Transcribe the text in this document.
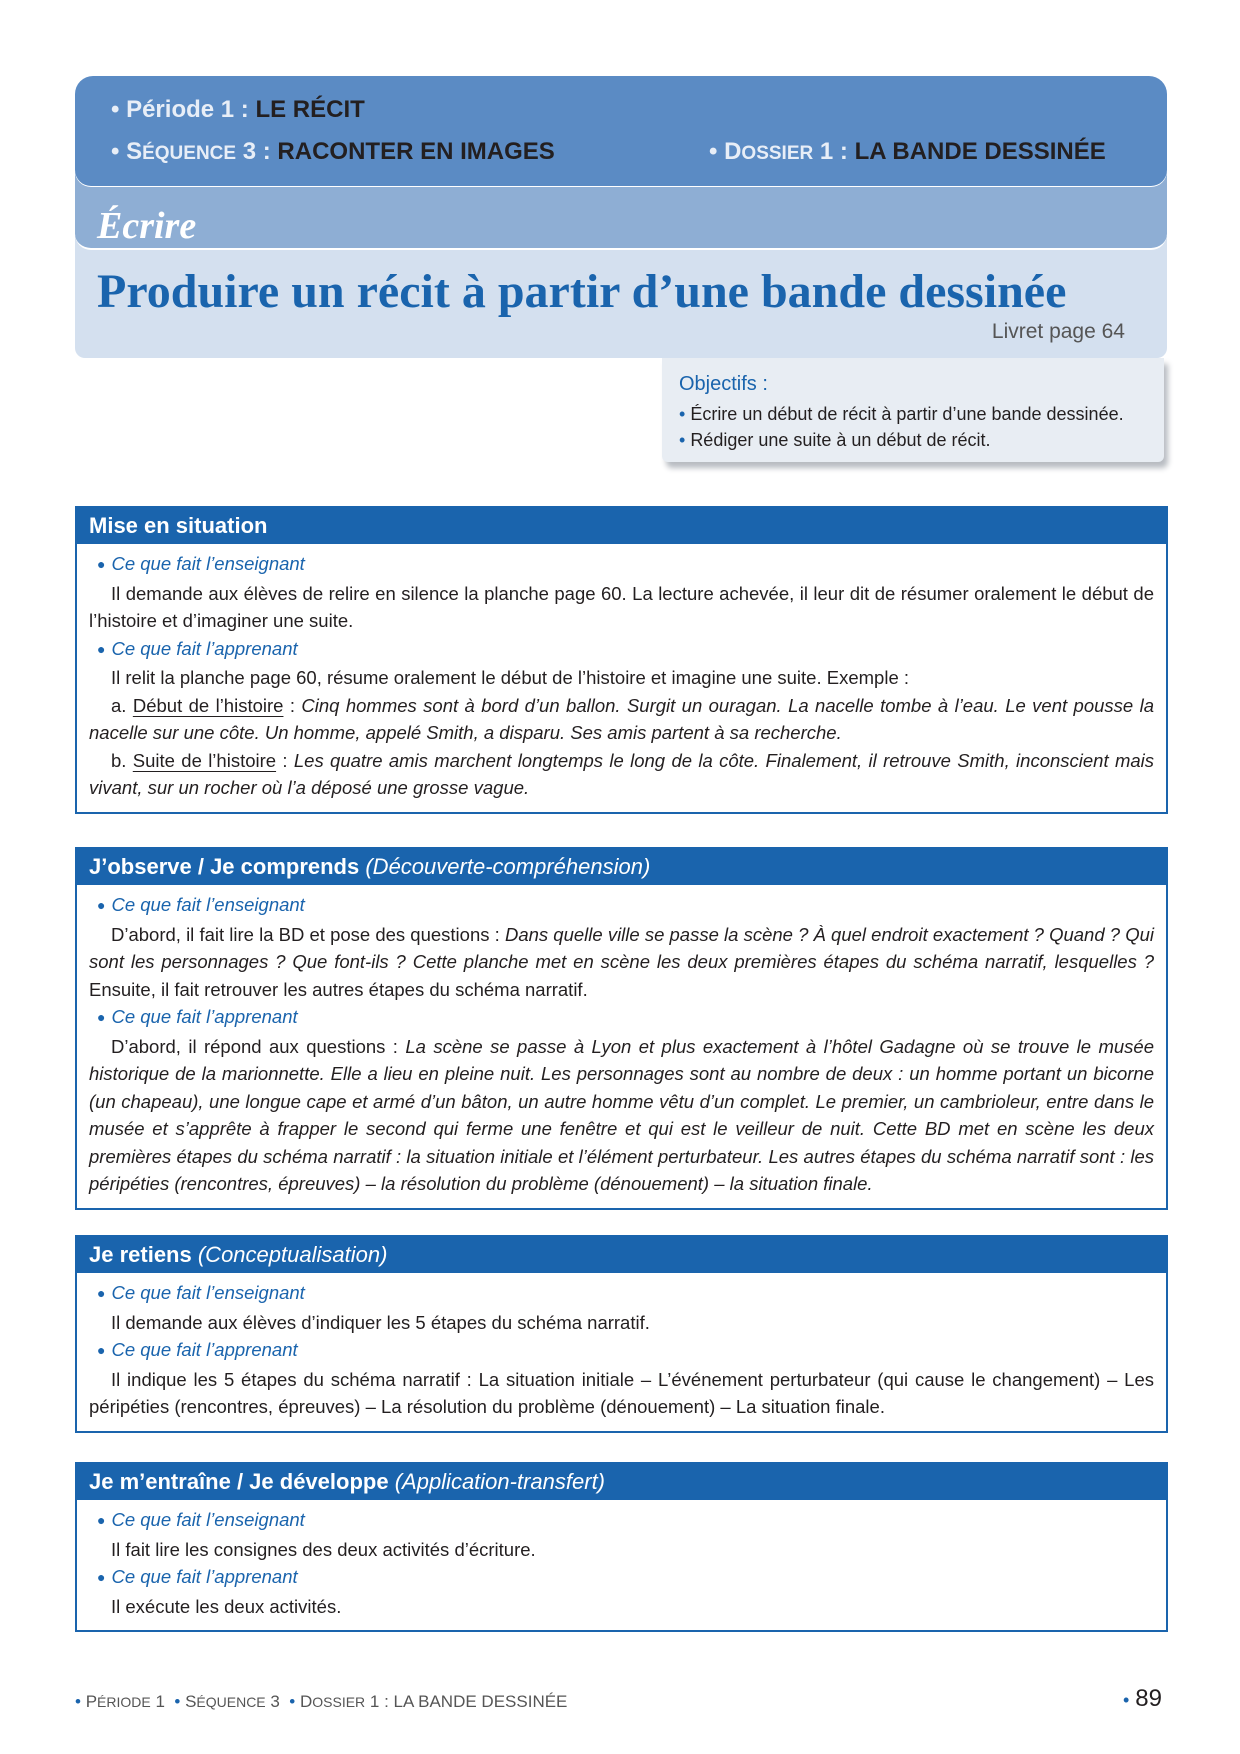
• Période 1 : LE RÉCIT
• SÉQUENCE 3 : RACONTER EN IMAGES	• DOSSIER 1 : LA BANDE DESSINÉE
Écrire
Produire un récit à partir d’une bande dessinée
Livret page 64
Objectifs :
• Écrire un début de récit à partir d’une bande dessinée.
• Rédiger une suite à un début de récit.
Mise en situation
● Ce que fait l’enseignant
Il demande aux élèves de relire en silence la planche page 60. La lecture achevée, il leur dit de résumer oralement le début de l’histoire et d’imaginer une suite.
● Ce que fait l’apprenant
Il relit la planche page 60, résume oralement le début de l’histoire et imagine une suite. Exemple :
a. Début de l’histoire : Cinq hommes sont à bord d’un ballon. Surgit un ouragan. La nacelle tombe à l’eau. Le vent pousse la nacelle sur une côte. Un homme, appelé Smith, a disparu. Ses amis partent à sa recherche.
b. Suite de l’histoire : Les quatre amis marchent longtemps le long de la côte. Finalement, il retrouve Smith, inconscient mais vivant, sur un rocher où l’a déposé une grosse vague.
J’observe / Je comprends (Découverte-compréhension)
● Ce que fait l’enseignant
D’abord, il fait lire la BD et pose des questions : Dans quelle ville se passe la scène ? À quel endroit exactement ? Quand ? Qui sont les personnages ? Que font-ils ? Cette planche met en scène les deux premières étapes du schéma narratif, lesquelles ? Ensuite, il fait retrouver les autres étapes du schéma narratif.
● Ce que fait l’apprenant
D’abord, il répond aux questions : La scène se passe à Lyon et plus exactement à l’hôtel Gadagne où se trouve le musée historique de la marionnette. Elle a lieu en pleine nuit. Les personnages sont au nombre de deux : un homme portant un bicorne (un chapeau), une longue cape et armé d’un bâton, un autre homme vêtu d’un complet. Le premier, un cambrioleur, entre dans le musée et s’apprête à frapper le second qui ferme une fenêtre et qui est le veilleur de nuit. Cette BD met en scène les deux premières étapes du schéma narratif : la situation initiale et l’élément perturbateur. Les autres étapes du schéma narratif sont : les péripéties (rencontres, épreuves) – la résolution du problème (dénouement) – la situation finale.
Je retiens (Conceptualisation)
● Ce que fait l’enseignant
Il demande aux élèves d’indiquer les 5 étapes du schéma narratif.
● Ce que fait l’apprenant
Il indique les 5 étapes du schéma narratif : La situation initiale – L’événement perturbateur (qui cause le changement) – Les péripéties (rencontres, épreuves) – La résolution du problème (dénouement) – La situation finale.
Je m’entraîne / Je développe (Application-transfert)
● Ce que fait l’enseignant
Il fait lire les consignes des deux activités d’écriture.
● Ce que fait l’apprenant
Il exécute les deux activités.
• PÉRIODE 1 • SÉQUENCE 3 • DOSSIER 1 : LA BANDE DESSINÉE	• 89
